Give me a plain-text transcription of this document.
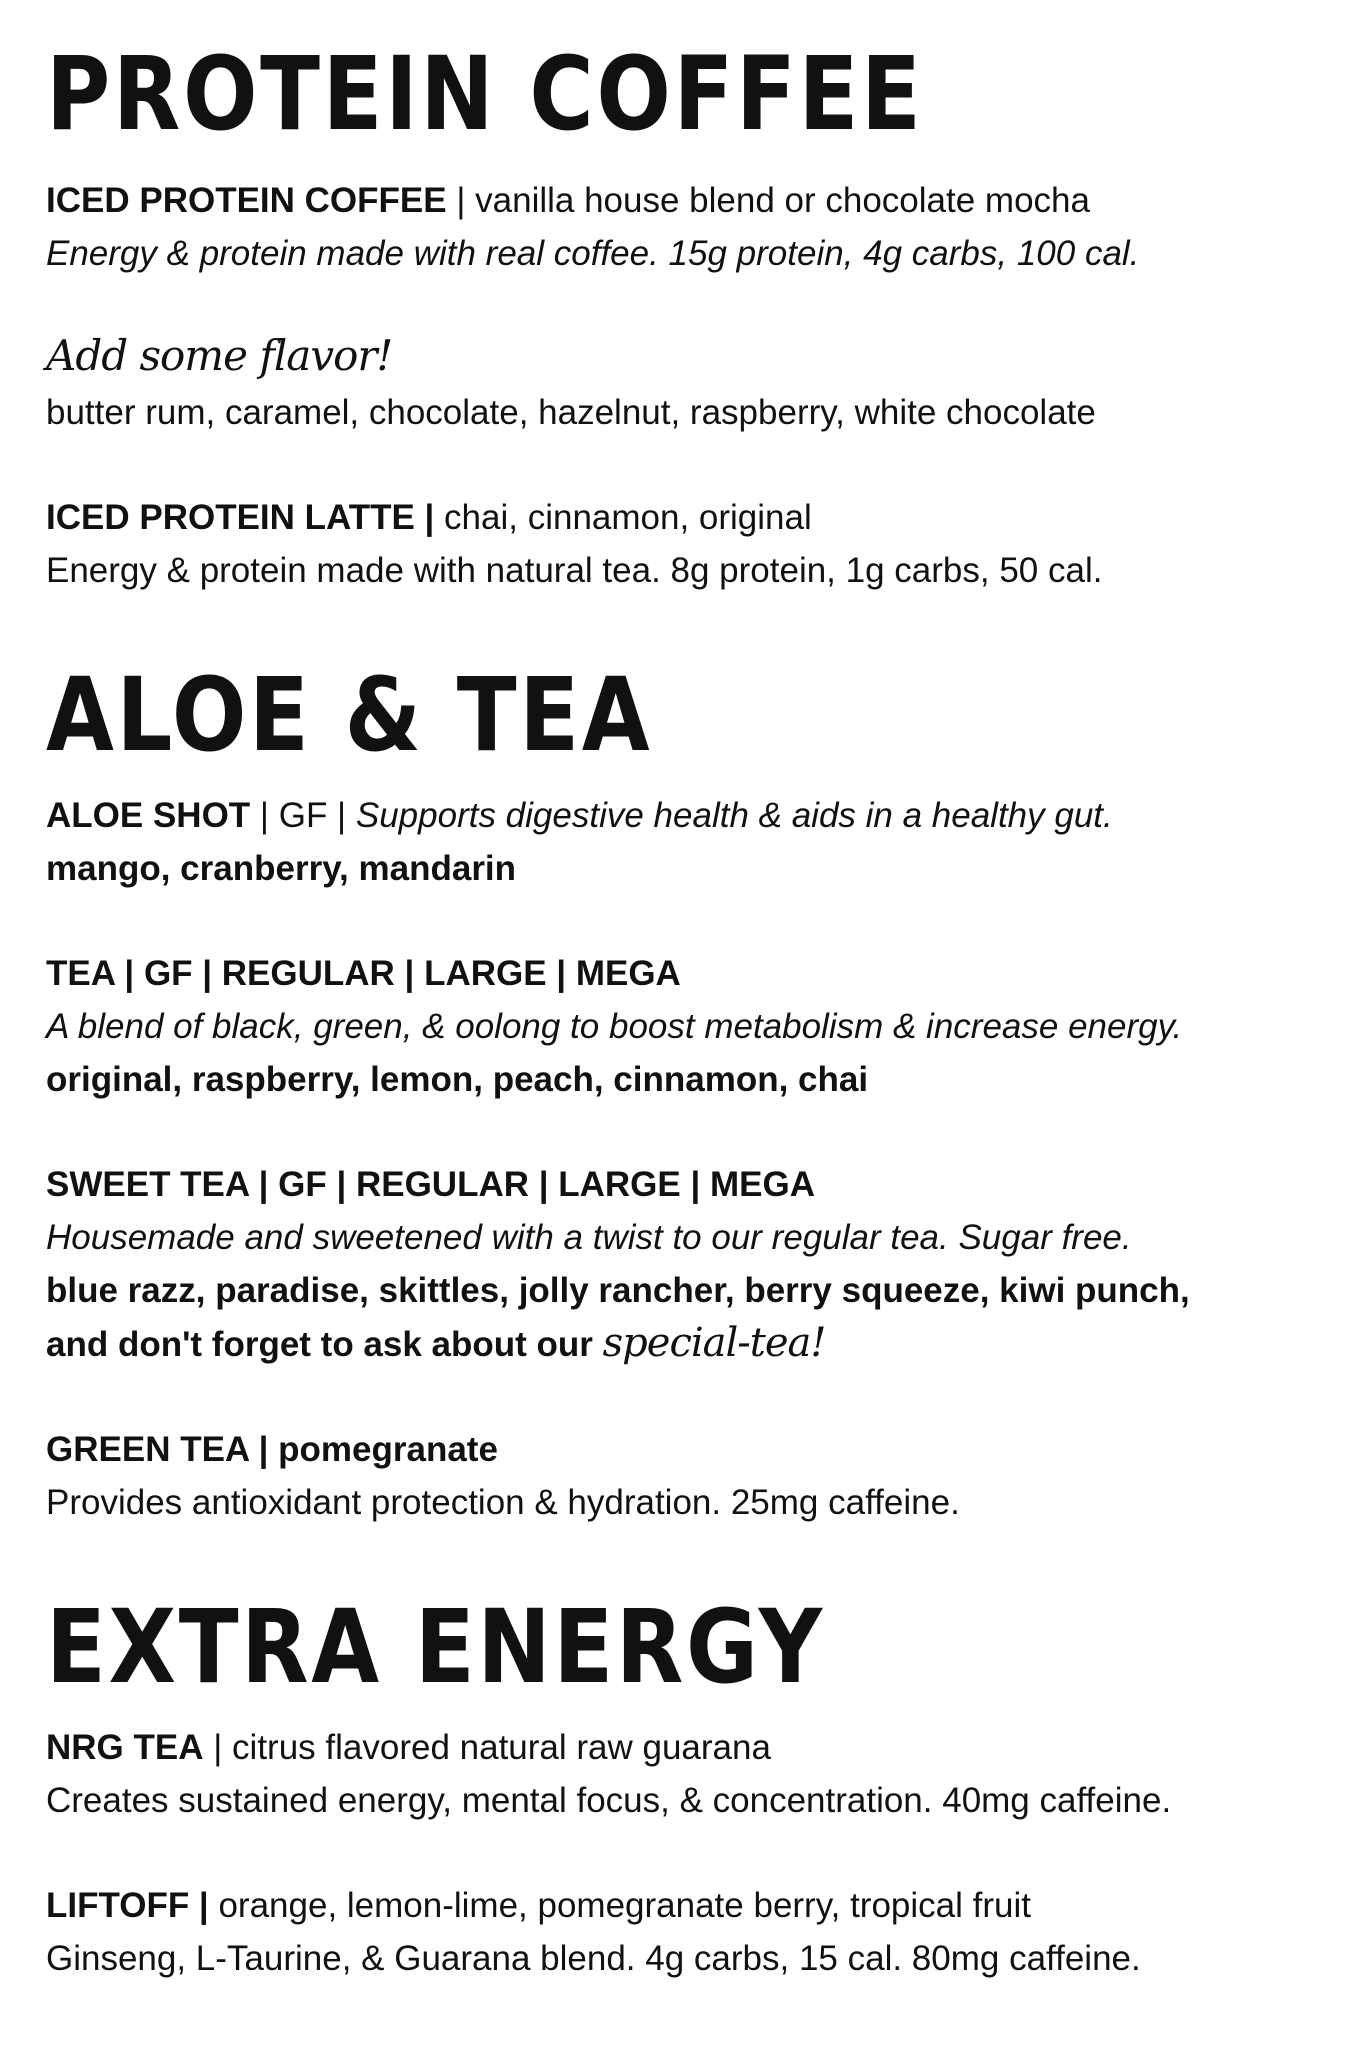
PROTEIN COFFEE

ICED PROTEIN COFFEE | vanilla house blend or chocolate mocha

Energy & protein made with real coffee. 15g protein, 4g carbs, 100 cal.

Add some flavor!

butter rum, caramel, chocolate, hazelnut, raspberry, white chocolate

ICED PROTEIN LATTE | chai, cinnamon, original

Energy & protein made with natural tea. 8g protein, 1g carbs, 50 cal.

ALOE & TEA

ALOE SHOT | GF | Supports digestive health & aids in a healthy gut.

mango, cranberry, mandarin

TEA | GF | REGULAR | LARGE | MEGA

A blend of black, green, & oolong to boost metabolism & increase energy.

original, raspberry, lemon, peach, cinnamon, chai

SWEET TEA | GF | REGULAR | LARGE | MEGA

Housemade and sweetened with a twist to our regular tea. Sugar free.

blue razz, paradise, skittles, jolly rancher, berry squeeze, kiwi punch,

and don't forget to ask about our special-tea!

GREEN TEA | pomegranate

Provides antioxidant protection & hydration. 25mg caffeine.

EXTRA ENERGY

NRG TEA | citrus flavored natural raw guarana

Creates sustained energy, mental focus, & concentration. 40mg caffeine.

LIFTOFF | orange, lemon-lime, pomegranate berry, tropical fruit

Ginseng, L-Taurine, & Guarana blend. 4g carbs, 15 cal. 80mg caffeine.
